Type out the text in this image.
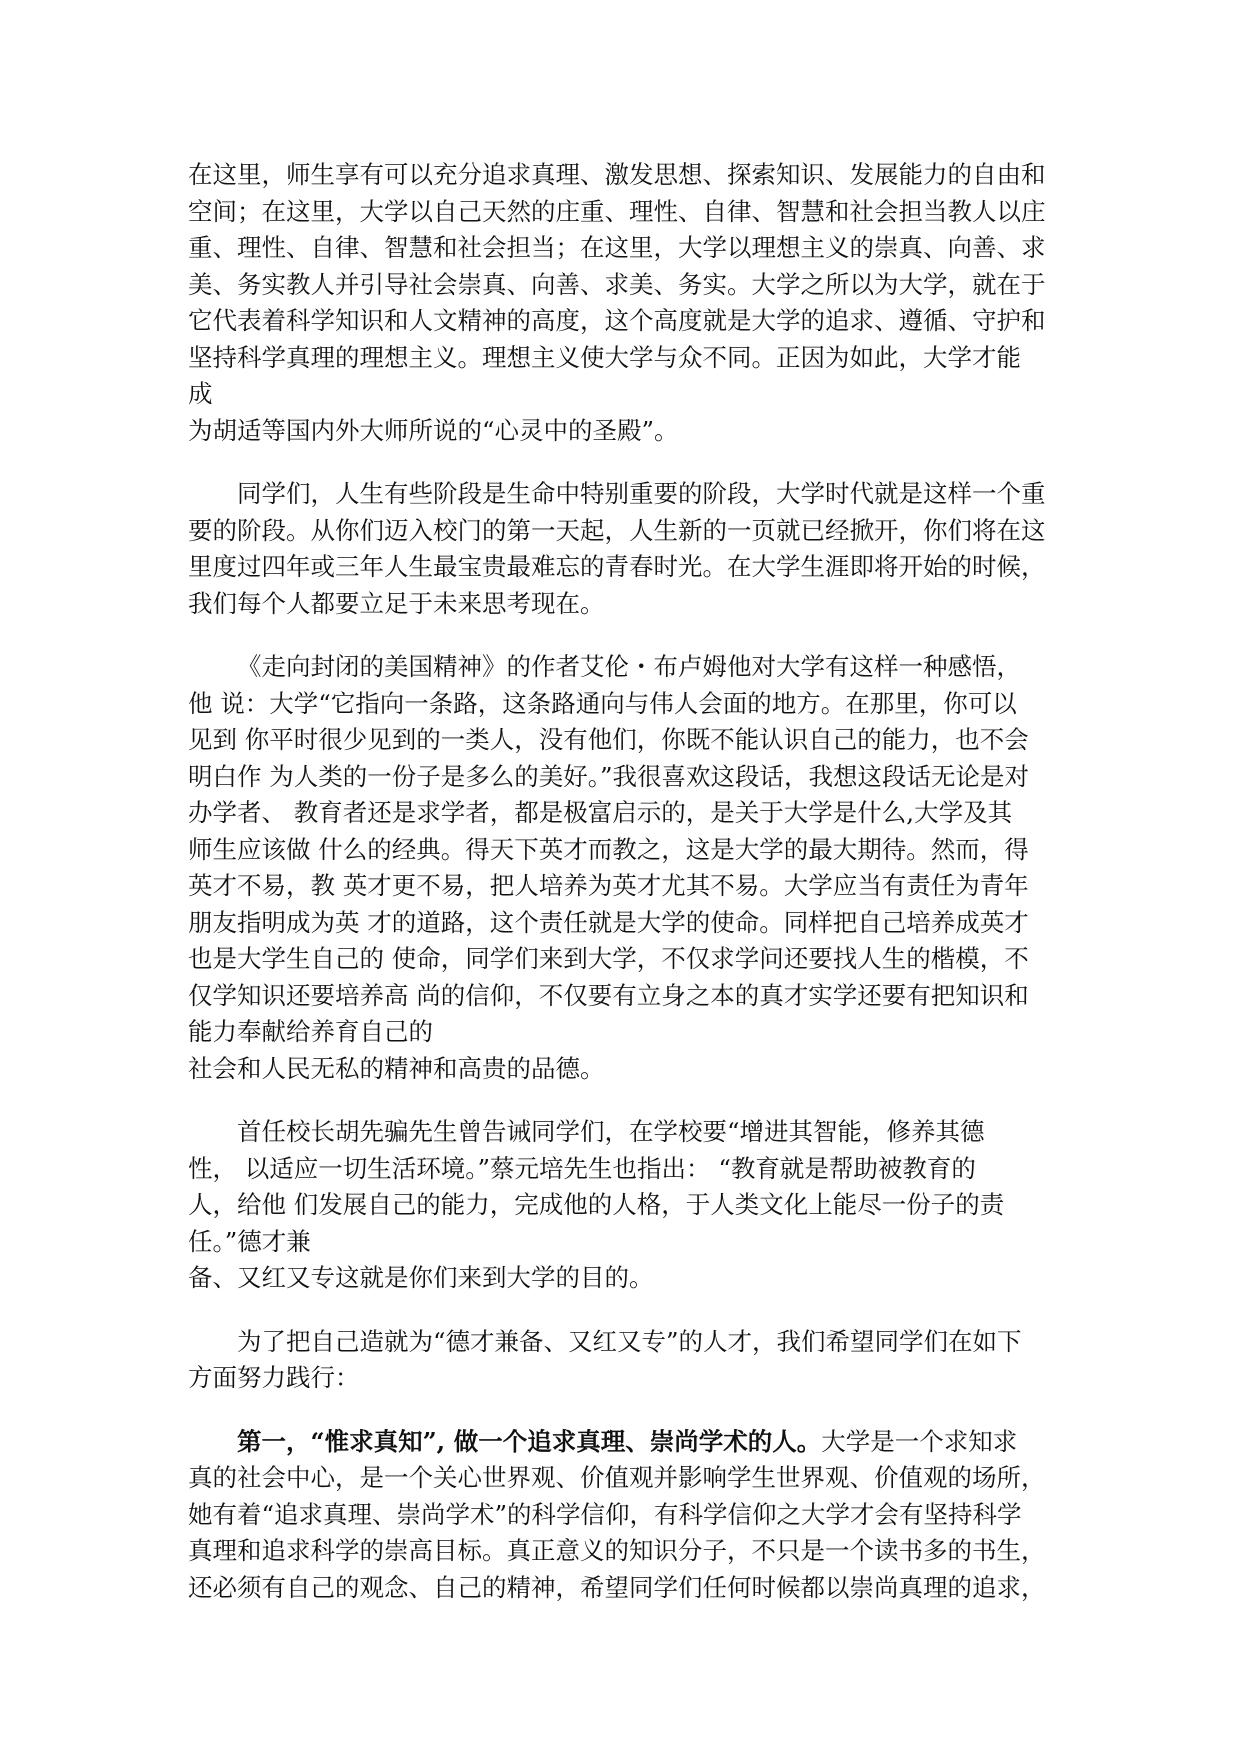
在这里，师生享有可以充分追求真理、激发思想、探索知识、发展能力的自由和
空间；在这里，大学以自己天然的庄重、理性、自律、智慧和社会担当教人以庄
重、理性、自律、智慧和社会担当；在这里，大学以理想主义的崇真、向善、求
美、务实教人并引导社会崇真、向善、求美、务实。大学之所以为大学，就在于
它代表着科学知识和人文精神的高度，这个高度就是大学的追求、遵循、守护和
坚持科学真理的理想主义。理想主义使大学与众不同。正因为如此，大学才能
成
为胡适等国内外大师所说的“心灵中的圣殿”。
同学们，人生有些阶段是生命中特别重要的阶段，大学时代就是这样一个重
要的阶段。从你们迈入校门的第一天起，人生新的一页就已经掀开，你们将在这
里度过四年或三年人生最宝贵最难忘的青春时光。在大学生涯即将开始的时候，
我们每个人都要立足于未来思考现在。
《走向封闭的美国精神》的作者艾伦・布卢姆他对大学有这样一种感悟，
他 说：大学“它指向一条路，这条路通向与伟人会面的地方。在那里，你可以
见到 你平时很少见到的一类人，没有他们，你既不能认识自己的能力，也不会
明白作 为人类的一份子是多么的美好。”我很喜欢这段话，我想这段话无论是对
办学者、 教育者还是求学者，都是极富启示的，是关于大学是什么,大学及其
师生应该做 什么的经典。得天下英才而教之，这是大学的最大期待。然而，得
英才不易，教 英才更不易，把人培养为英才尤其不易。大学应当有责任为青年
朋友指明成为英 才的道路，这个责任就是大学的使命。同样把自己培养成英才
也是大学生自己的 使命，同学们来到大学，不仅求学问还要找人生的楷模，不
仅学知识还要培养高 尚的信仰，不仅要有立身之本的真才实学还要有把知识和
能力奉献给养育自己的
社会和人民无私的精神和高贵的品德。
首任校长胡先骗先生曾告诫同学们，在学校要“增进其智能，修养其德
性， 以适应一切生活环境。”蔡元培先生也指出： “教育就是帮助被教育的
人，给他 们发展自己的能力，完成他的人格，于人类文化上能尽一份子的责
任。”德才兼
备、又红又专这就是你们来到大学的目的。
为了把自己造就为“德才兼备、又红又专”的人才，我们希望同学们在如下
方面努力践行：
第一，“惟求真知”, 做一个追求真理、崇尚学术的人。大学是一个求知求
真的社会中心，是一个关心世界观、价值观并影响学生世界观、价值观的场所，
她有着“追求真理、崇尚学术”的科学信仰，有科学信仰之大学才会有坚持科学
真理和追求科学的崇高目标。真正意义的知识分子，不只是一个读书多的书生，
还必须有自己的观念、自己的精神，希望同学们任何时候都以崇尚真理的追求，
